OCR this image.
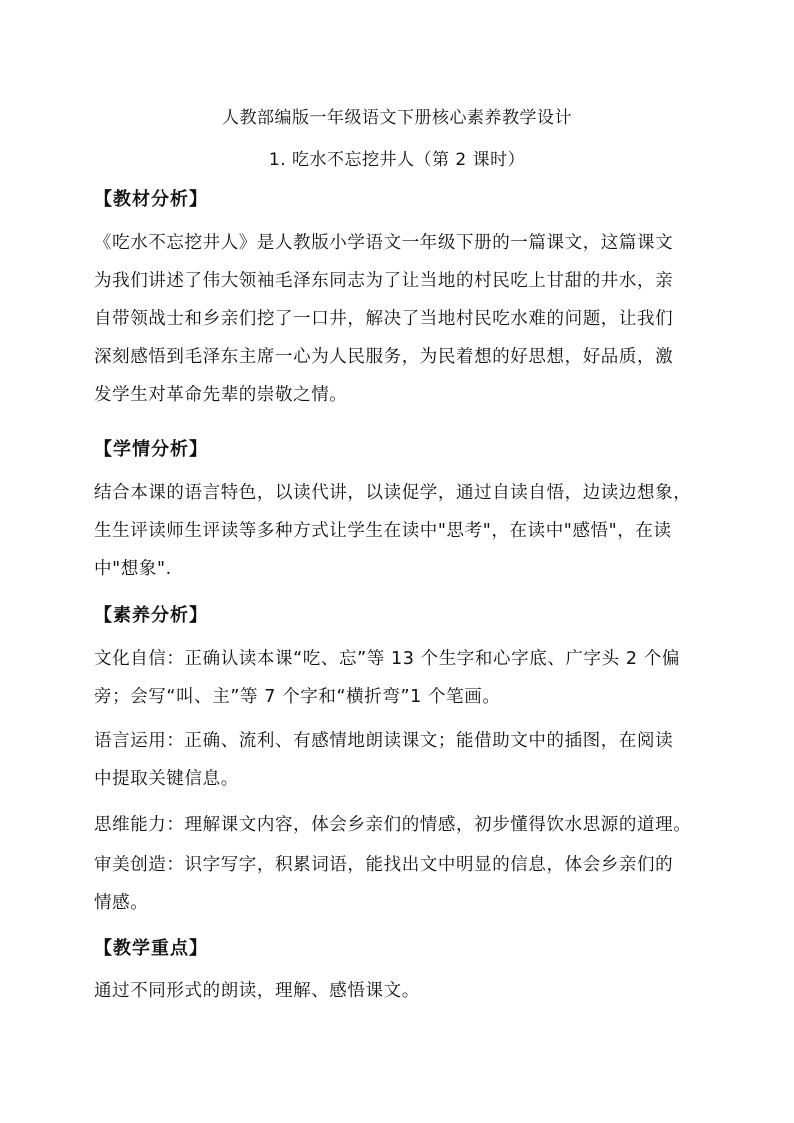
人教部编版一年级语文下册核心素养教学设计
1. 吃水不忘挖井人（第 2 课时）
【教材分析】
《吃水不忘挖井人》是人教版小学语文一年级下册的一篇课文，这篇课文
为我们讲述了伟大领袖毛泽东同志为了让当地的村民吃上甘甜的井水，亲
自带领战士和乡亲们挖了一口井，解决了当地村民吃水难的问题，让我们
深刻感悟到毛泽东主席一心为人民服务，为民着想的好思想，好品质，激
发学生对革命先辈的崇敬之情。
【学情分析】
结合本课的语言特色，以读代讲，以读促学，通过自读自悟，边读边想象，
生生评读师生评读等多种方式让学生在读中"思考"，在读中"感悟"，在读
中"想象".
【素养分析】
文化自信：正确认读本课“吃、忘”等 13 个生字和心字底、广字头 2 个偏
旁；会写“叫、主”等 7 个字和“横折弯”1 个笔画。
语言运用：正确、流利、有感情地朗读课文；能借助文中的插图，在阅读
中提取关键信息。
思维能力：理解课文内容，体会乡亲们的情感，初步懂得饮水思源的道理。
审美创造：识字写字，积累词语，能找出文中明显的信息，体会乡亲们的
情感。
【教学重点】
通过不同形式的朗读，理解、感悟课文。
